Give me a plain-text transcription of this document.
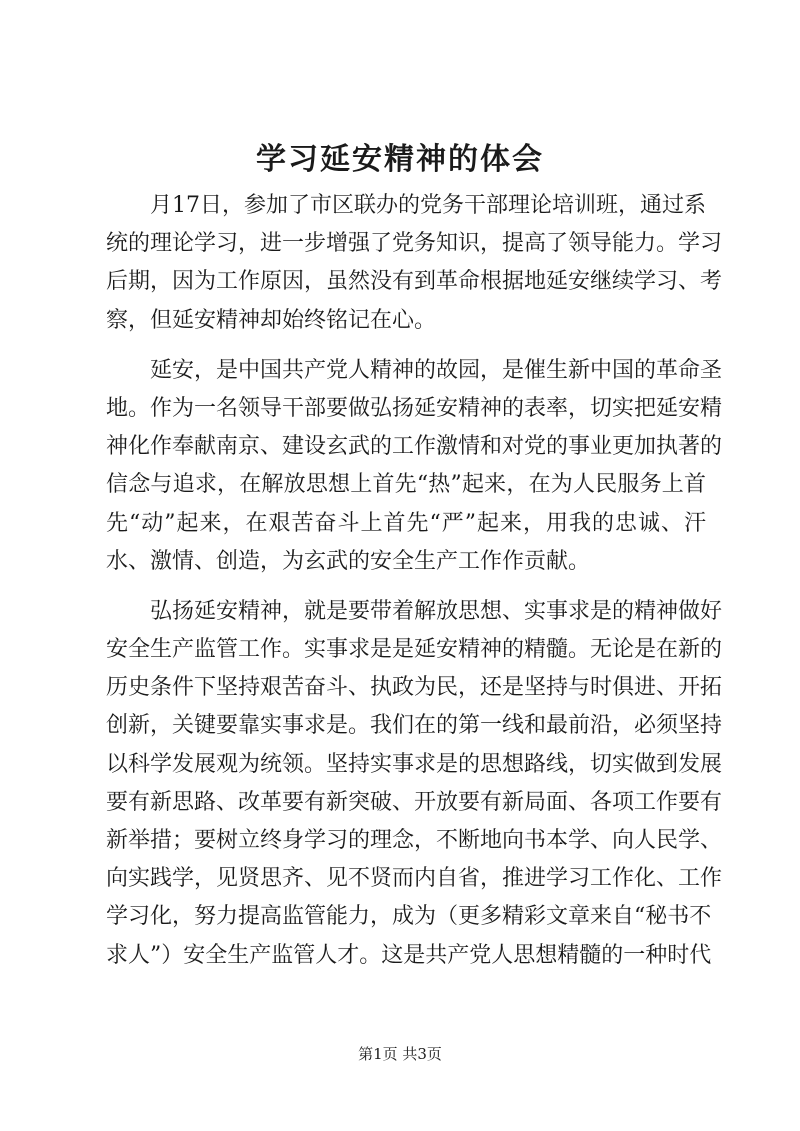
学习延安精神的体会
月17日，参加了市区联办的党务干部理论培训班，通过系
统的理论学习，进一步增强了党务知识，提高了领导能力。学习
后期，因为工作原因，虽然没有到革命根据地延安继续学习、考
察，但延安精神却始终铭记在心。
延安，是中国共产党人精神的故园，是催生新中国的革命圣
地。作为一名领导干部要做弘扬延安精神的表率，切实把延安精
神化作奉献南京、建设玄武的工作激情和对党的事业更加执著的
信念与追求，在解放思想上首先“热”起来，在为人民服务上首
先“动”起来，在艰苦奋斗上首先“严”起来，用我的忠诚、汗
水、激情、创造，为玄武的安全生产工作作贡献。
弘扬延安精神，就是要带着解放思想、实事求是的精神做好
安全生产监管工作。实事求是是延安精神的精髓。无论是在新的
历史条件下坚持艰苦奋斗、执政为民，还是坚持与时俱进、开拓
创新，关键要靠实事求是。我们在的第一线和最前沿，必须坚持
以科学发展观为统领。坚持实事求是的思想路线，切实做到发展
要有新思路、改革要有新突破、开放要有新局面、各项工作要有
新举措；要树立终身学习的理念，不断地向书本学、向人民学、
向实践学，见贤思齐、见不贤而内自省，推进学习工作化、工作
学习化，努力提高监管能力，成为（更多精彩文章来自“秘书不
求人”）安全生产监管人才。这是共产党人思想精髓的一种时代
第1页 共3页
